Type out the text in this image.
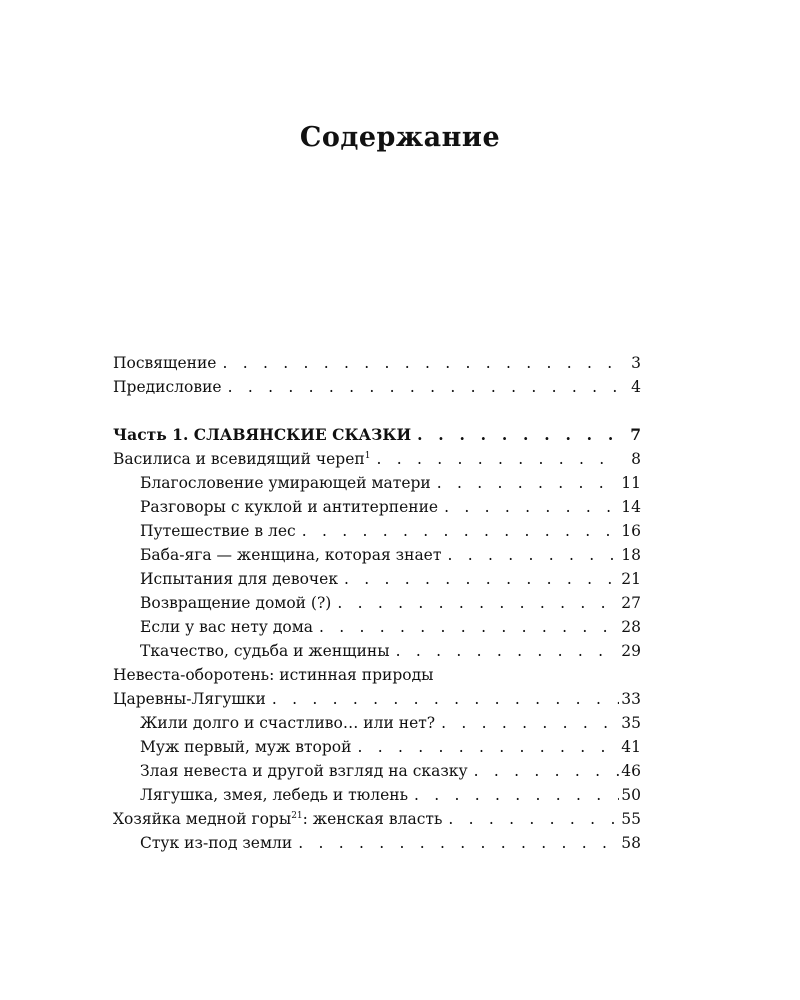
Содержание
Посвящение . . .	3
Предисловие . . .	4
Часть 1. СЛАВЯНСКИЕ СКАЗКИ . . .	7
Василиса и всевидящий череп$^1$ . . .	8
Благословение умирающей матери . . .	11
Разговоры с куклой и антитерпение . . .	14
Путешествие в лес . . .	16
Баба-яга — женщина, которая знает . . .	18
Испытания для девочек . . .	21
Возвращение домой (?) . . .	27
Если у вас нету дома . . .	28
Ткачество, судьба и женщины . . .	29
Невеста-оборотень: истинная природы
Царевны-Лягушки . . .	33
Жили долго и счастливо… или нет? . . .	35
Муж первый, муж второй . . .	41
Злая невеста и другой взгляд на сказку . . .	46
Лягушка, змея, лебедь и тюлень . . .	50
Хозяйка медной горы$^{21}$: женская власть . . .	55
Стук из-под земли . . .	58
